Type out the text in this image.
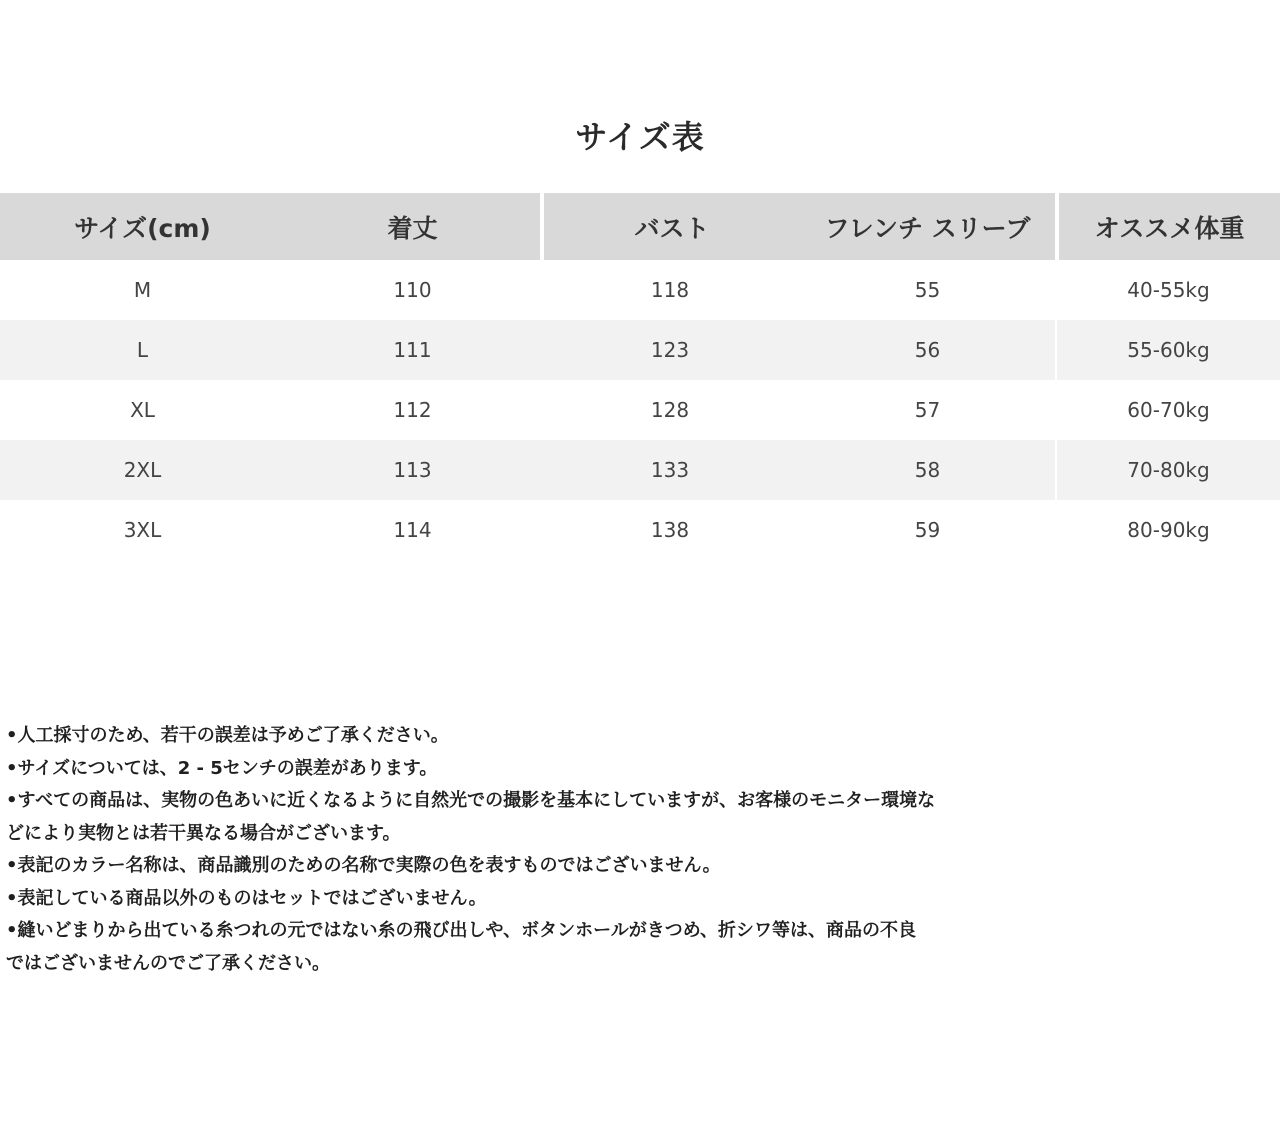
サイズ表
サイズ(cm)	着丈	バスト	フレンチ スリーブ	オススメ体重
M	110	118	55	40-55kg
L	111	123	56	55-60kg
XL	112	128	57	60-70kg
2XL	113	133	58	70-80kg
3XL	114	138	59	80-90kg
•人工採寸のため、若干の誤差は予めご了承ください。
•サイズについては、2 - 5センチの誤差があります。
•すべての商品は、実物の色あいに近くなるように自然光での撮影を基本にしていますが、お客様のモニター環境な
どにより実物とは若干異なる場合がございます。
•表記のカラー名称は、商品識別のための名称で実際の色を表すものではございません。
•表記している商品以外のものはセットではございません。
•縫いどまりから出ている糸つれの元ではない糸の飛び出しや、ボタンホールがきつめ、折シワ等は、商品の不良
ではございませんのでご了承ください。
